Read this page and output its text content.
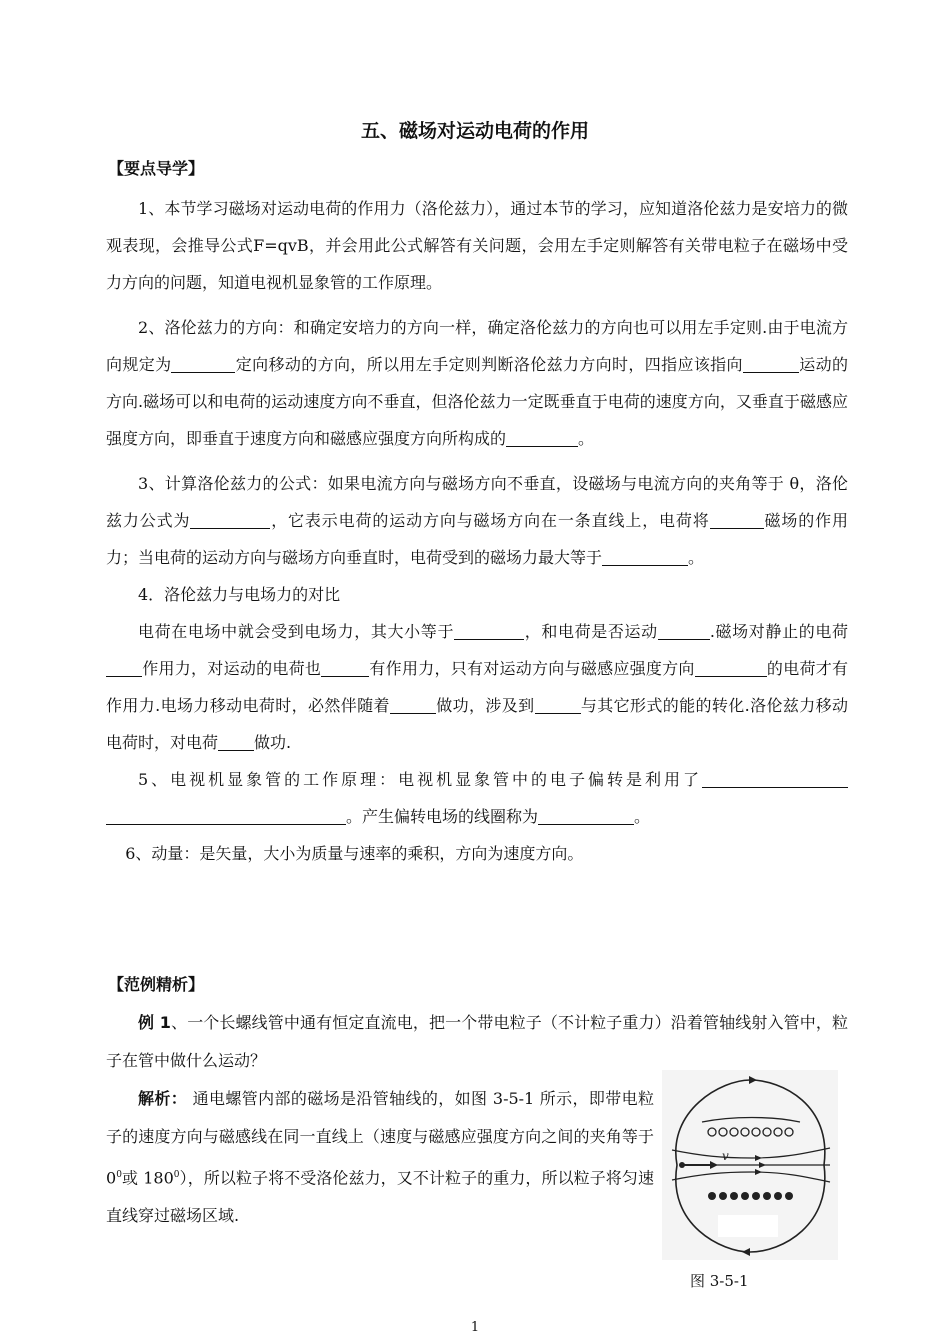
五、磁场对运动电荷的作用
【要点导学】

1、本节学习磁场对运动电荷的作用力（洛伦兹力），通过本节的学习，应知道洛伦兹力是安培力的微观表现，会推导公式F=qvB，并会用此公式解答有关问题，会用左手定则解答有关带电粒子在磁场中受力方向的问题，知道电视机显象管的工作原理。

2、洛伦兹力的方向：和确定安培力的方向一样，确定洛伦兹力的方向也可以用左手定则.由于电流方向规定为	定向移动的方向，所以用左手定则判断洛伦兹力方向时，四指应该指向	运动的方向.磁场可以和电荷的运动速度方向不垂直，但洛伦兹力一定既垂直于电荷的速度方向，又垂直于磁感应强度方向，即垂直于速度方向和磁感应强度方向所构成的	。

3、计算洛伦兹力的公式：如果电流方向与磁场方向不垂直，设磁场与电流方向的夹角等于 θ，洛伦兹力公式为	，它表示电荷的运动方向与磁场方向在一条直线上，电荷将	磁场的作用力；当电荷的运动方向与磁场方向垂直时，电荷受到的磁场力最大等于	。

4．洛伦兹力与电场力的对比

电荷在电场中就会受到电场力，其大小等于	，和电荷是否运动	.磁场对静止的电荷作用力，对运动的电荷也	有作用力，只有对运动方向与磁感应强度方向	的电荷才有作用力.电场力移动电荷时，必然伴随着	做功，涉及到	与其它形式的能的转化.洛伦兹力移动电荷时，对电荷 做功.

5、电视机显象管的工作原理：电视机显象管中的电子偏转是利用了。产生偏转电场的线圈称为	。

6、动量：是矢量，大小为质量与速率的乘积，方向为速度方向。

【范例精析】

例 1、一个长螺线管中通有恒定直流电，把一个带电粒子（不计粒子重力）沿着管轴线射入管中，粒子在管中做什么运动？

解析： 通电螺管内部的磁场是沿管轴线的，如图 3-5-1 所示，即带电粒子的速度方向与磁感线在同一直线上（速度与磁感应强度方向之间的夹角等于 $0^0$或 $180^0$），所以粒子将不受洛伦兹力，又不计粒子的重力，所以粒子将匀速直线穿过磁场区域.

v
图 3-5-1
1
